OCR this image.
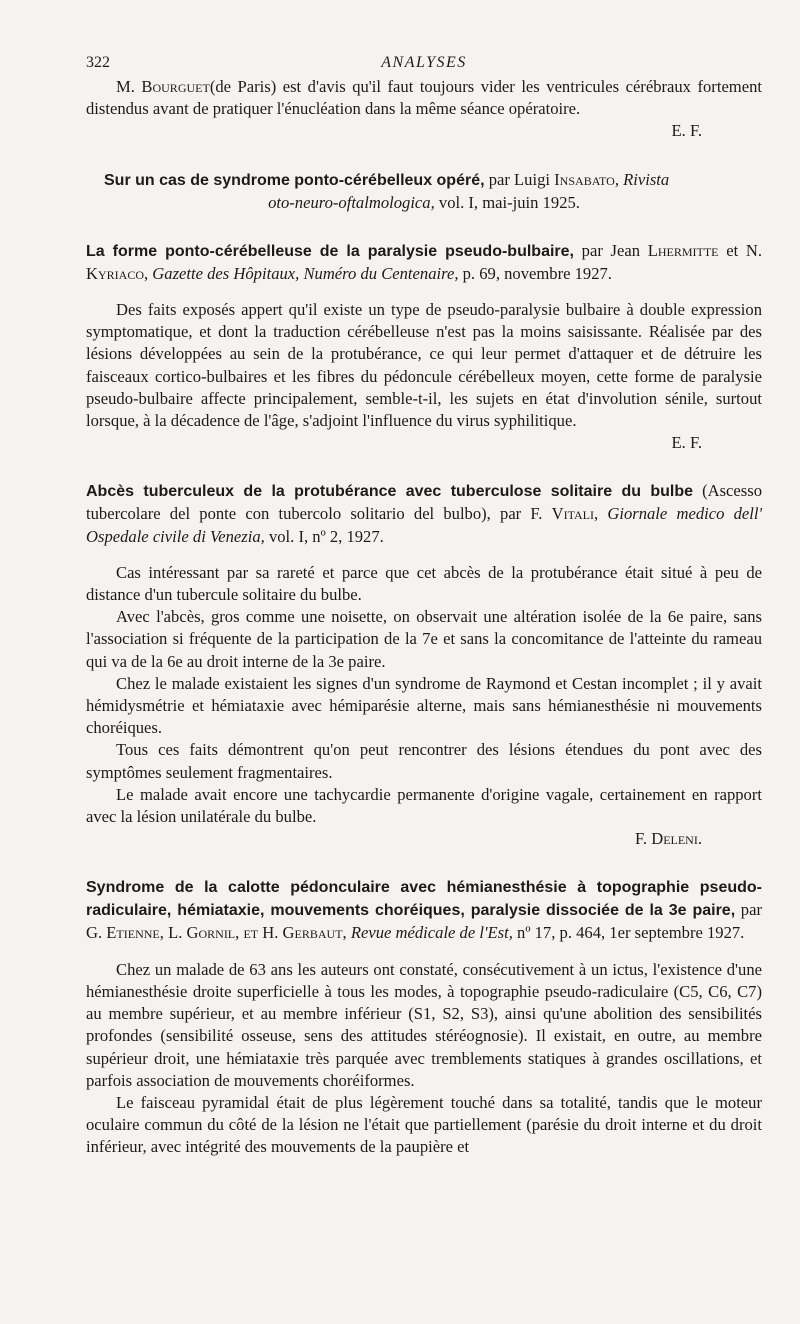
322	ANALYSES

M. Bourguet(de Paris) est d'avis qu'il faut toujours vider les ventricules cérébraux fortement distendus avant de pratiquer l'énucléation dans la même séance opératoire.

E. F.

Sur un cas de syndrome ponto-cérébelleux opéré, par Luigi Insabato, Rivista

oto-neuro-oftalmologica, vol. I, mai-juin 1925.

La forme ponto-cérébelleuse de la paralysie pseudo-bulbaire, par Jean Lhermitte et N. Kyriaco, Gazette des Hôpitaux, Numéro du Centenaire, p. 69, novembre 1927.

Des faits exposés appert qu'il existe un type de pseudo-paralysie bulbaire à double expression symptomatique, et dont la traduction cérébelleuse n'est pas la moins saisissante. Réalisée par des lésions développées au sein de la protubérance, ce qui leur permet d'attaquer et de détruire les faisceaux cortico-bulbaires et les fibres du pédoncule cérébelleux moyen, cette forme de paralysie pseudo-bulbaire affecte principalement, semble-t-il, les sujets en état d'involution sénile, surtout lorsque, à la décadence de l'âge, s'adjoint l'influence du virus syphilitique.

E. F.

Abcès tuberculeux de la protubérance avec tuberculose solitaire du bulbe (Ascesso tubercolare del ponte con tubercolo solitario del bulbo), par F. Vitali, Giornale medico dell' Ospedale civile di Venezia, vol. I, nº 2, 1927.

Cas intéressant par sa rareté et parce que cet abcès de la protubérance était situé à peu de distance d'un tubercule solitaire du bulbe.

Avec l'abcès, gros comme une noisette, on observait une altération isolée de la 6e paire, sans l'association si fréquente de la participation de la 7e et sans la concomitance de l'atteinte du rameau qui va de la 6e au droit interne de la 3e paire.

Chez le malade existaient les signes d'un syndrome de Raymond et Cestan incomplet ; il y avait hémidysmétrie et hémiataxie avec hémiparésie alterne, mais sans hémianesthésie ni mouvements choréiques.

Tous ces faits démontrent qu'on peut rencontrer des lésions étendues du pont avec des symptômes seulement fragmentaires.

Le malade avait encore une tachycardie permanente d'origine vagale, certainement en rapport avec la lésion unilatérale du bulbe.

F. Deleni.

Syndrome de la calotte pédonculaire avec hémianesthésie à topographie pseudo-radiculaire, hémiataxie, mouvements choréiques, paralysie dissociée de la 3e paire, par G. Etienne, L. Gornil, et H. Gerbaut, Revue médicale de l'Est, nº 17, p. 464, 1er septembre 1927.

Chez un malade de 63 ans les auteurs ont constaté, consécutivement à un ictus, l'existence d'une hémianesthésie droite superficielle à tous les modes, à topographie pseudo-radiculaire (C5, C6, C7) au membre supérieur, et au membre inférieur (S1, S2, S3), ainsi qu'une abolition des sensibilités profondes (sensibilité osseuse, sens des attitudes stéréognosie). Il existait, en outre, au membre supérieur droit, une hémiataxie très parquée avec tremblements statiques à grandes oscillations, et parfois association de mouvements choréiformes.

Le faisceau pyramidal était de plus légèrement touché dans sa totalité, tandis que le moteur oculaire commun du côté de la lésion ne l'était que partiellement (parésie du droit interne et du droit inférieur, avec intégrité des mouvements de la paupière et
